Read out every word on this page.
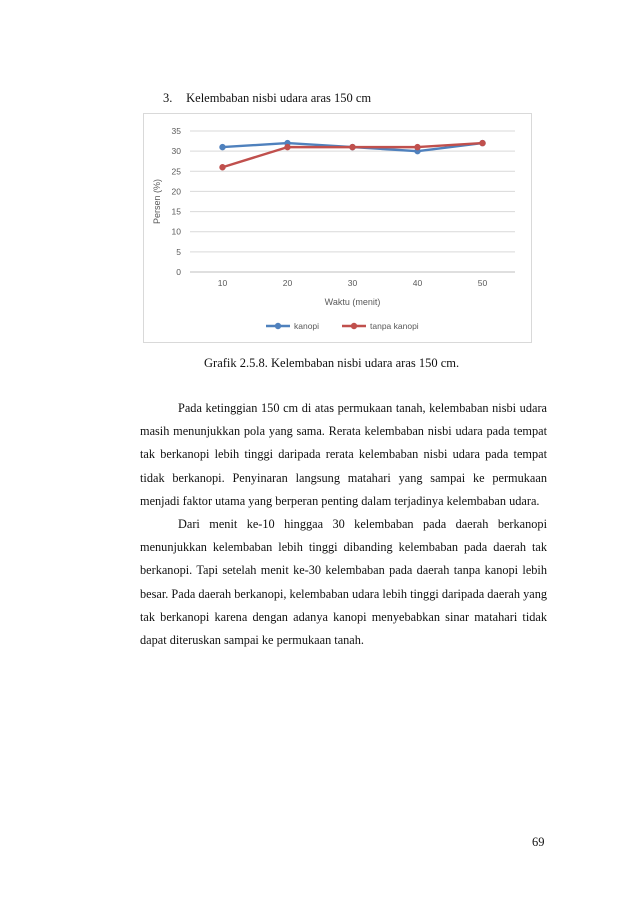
3. Kelembaban nisbi udara aras 150 cm
0
5
10
15
20
25
30
35
10	20	30	40	50
Waktu (menit)
Persen (%)
kanopi	tanpa kanopi
Grafik 2.5.8. Kelembaban nisbi udara aras 150 cm.

Pada ketinggian 150 cm di atas permukaan tanah, kelembaban nisbi udara masih menunjukkan pola yang sama. Rerata kelembaban nisbi udara pada tempat tak berkanopi lebih tinggi daripada rerata kelembaban nisbi udara pada tempat tidak berkanopi. Penyinaran langsung matahari yang sampai ke permukaan menjadi faktor utama yang berperan penting dalam terjadinya kelembaban udara.

Dari menit ke-10 hinggaa 30 kelembaban pada daerah berkanopi menunjukkan kelembaban lebih tinggi dibanding kelembaban pada daerah tak berkanopi. Tapi setelah menit ke-30 kelembaban pada daerah tanpa kanopi lebih besar. Pada daerah berkanopi, kelembaban udara lebih tinggi daripada daerah yang tak berkanopi karena dengan adanya kanopi menyebabkan sinar matahari tidak dapat diteruskan sampai ke permukaan tanah.

69
